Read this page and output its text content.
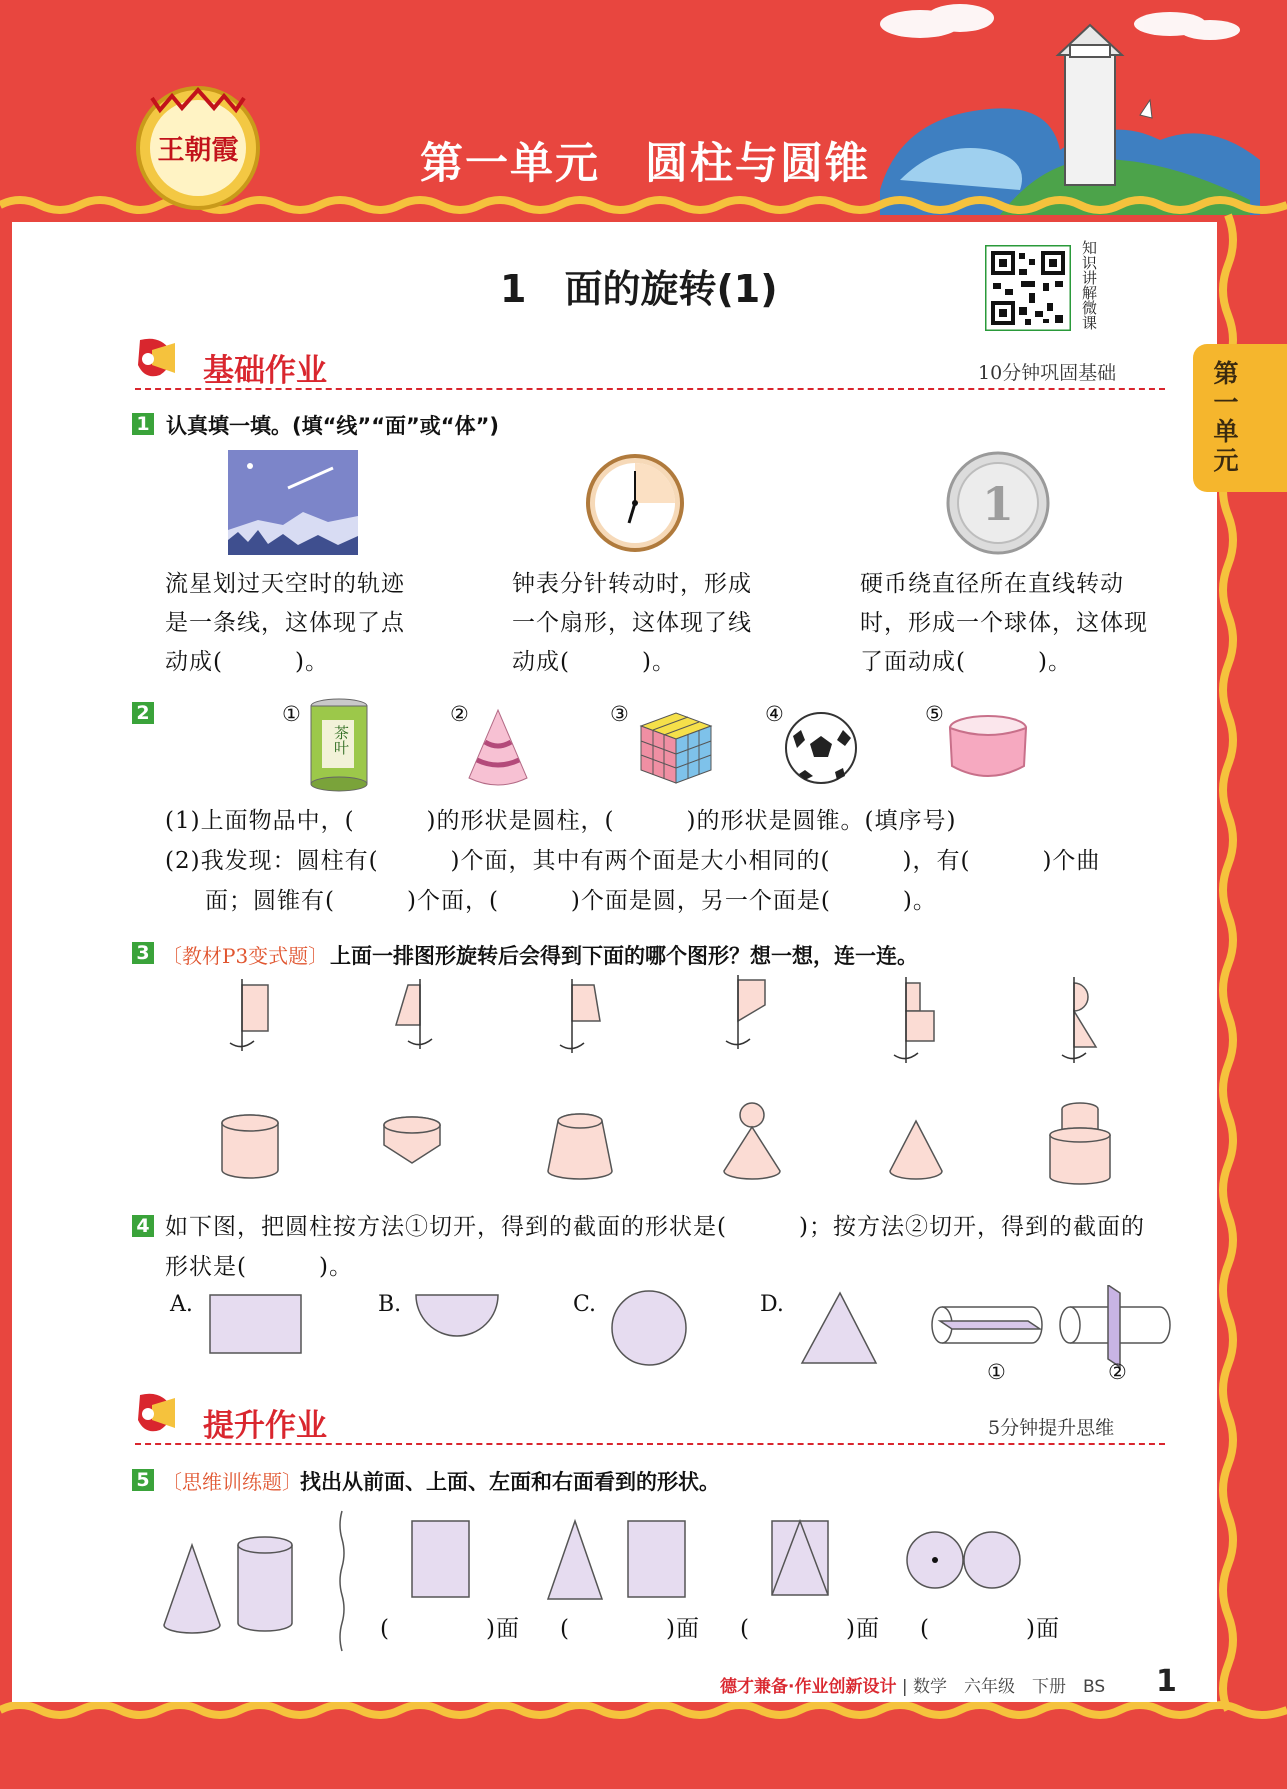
王朝霞	第一单元　圆柱与圆锥
第一单元
1　面的旋转(1)	知识讲解微课
基础作业	10分钟巩固基础
1 认真填一填。(填“线”“面”或“体”)
1
流星划过天空时的轨迹
是一条线，这体现了点
动成(　　　)。
钟表分针转动时，形成
一个扇形，这体现了线
动成(　　　)。
硬币绕直径所在直线转动
时，形成一个球体，这体现
了面动成(　　　)。
2	①	②	③	④	⑤
茶叶
(1)上面物品中，(　　　)的形状是圆柱，(　　　)的形状是圆锥。(填序号)
(2)我发现：圆柱有(　　　)个面，其中有两个面是大小相同的(　　　)，有(　　　)个曲
面；圆锥有(　　　)个面，(　　　)个面是圆，另一个面是(　　　)。
3 〔教材P3变式题〕 上面一排图形旋转后会得到下面的哪个图形？想一想，连一连。
4 如下图，把圆柱按方法①切开，得到的截面的形状是(　　　)；按方法②切开，得到的截面的
形状是(　　　)。
A.	B.	C.	D.
①	②
提升作业	5分钟提升思维
5 〔思维训练题〕
找出从前面、上面、左面和右面看到的形状。
(　　　　)面 (　　　　)面 (　　　　)面 (　　　　)面
德才兼备·作业创新设计 | 数学　六年级　下册　BS 1
